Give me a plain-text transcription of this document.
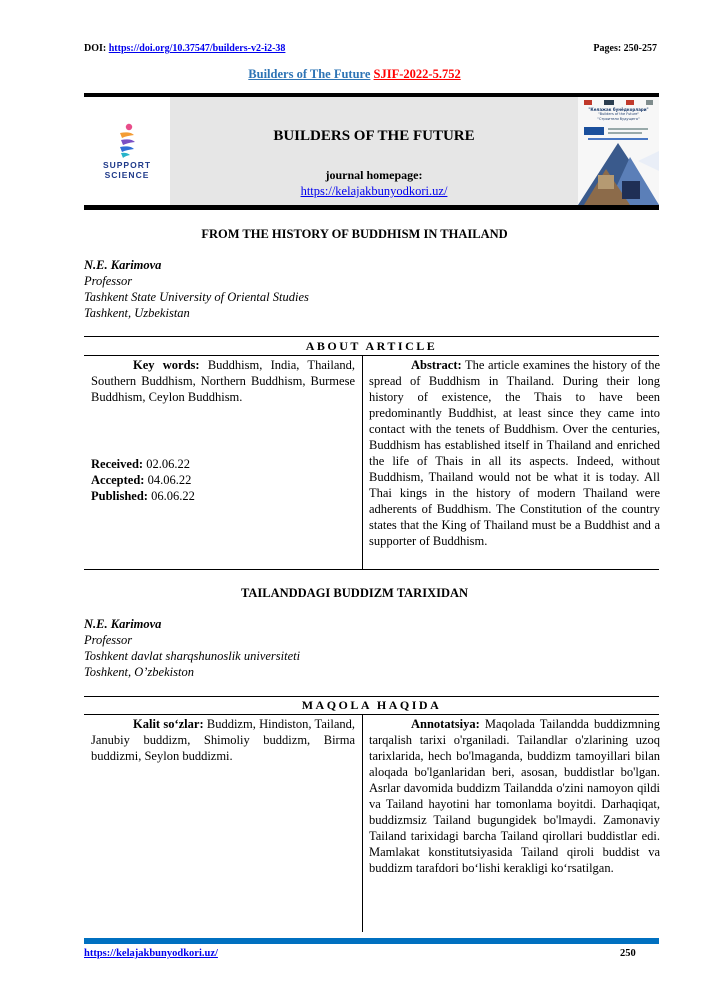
DOI: https://doi.org/10.37547/builders-v2-i2-38	Pages: 250-257
Builders of The Future SJIF-2022-5.752
SUPPORT
SCIENCE
BUILDERS OF THE FUTURE
journal homepage:
https://kelajakbunyodkori.uz/
"Келажак бунёдкорлари"
"Builders of the Future"
"Строители будущего"
FROM THE HISTORY OF BUDDHISM IN THAILAND
N.E. Karimova
Professor
Tashkent State University of Oriental Studies
Tashkent, Uzbekistan
ABOUT ARTICLE
Key words: Buddhism, India, Thailand, Southern Buddhism, Northern Buddhism, Burmese Buddhism, Ceylon Buddhism.
Received: 02.06.22
Accepted: 04.06.22
Published: 06.06.22
Abstract: The article examines the history of the spread of Buddhism in Thailand. During their long history of existence, the Thais to have been predominantly Buddhist, at least since they came into contact with the tenets of Buddhism. Over the centuries, Buddhism has established itself in Thailand and enriched the life of Thais in all its aspects. Indeed, without Buddhism, Thailand would not be what it is today. All Thai kings in the history of modern Thailand were adherents of Buddhism. The Constitution of the country states that the King of Thailand must be a Buddhist and a supporter of Buddhism.
TAILANDDAGI BUDDIZM TARIXIDAN
N.E. Karimova
Professor
Toshkent davlat sharqshunoslik universiteti
Toshkent, O’zbekiston
MAQOLA HAQIDA
Kalit so‘zlar: Buddizm, Hindiston, Tailand, Janubiy buddizm, Shimoliy buddizm, Birma buddizmi, Seylon buddizmi.
Annotatsiya: Maqolada Tailandda buddizmning tarqalish tarixi o'rganiladi. Tailandlar o'zlarining uzoq tarixlarida, hech bo'lmaganda, buddizm tamoyillari bilan aloqada bo'lganlaridan beri, asosan, buddistlar bo'lgan. Asrlar davomida buddizm Tailandda o'zini namoyon qildi va Tailand hayotini har tomonlama boyitdi. Darhaqiqat, buddizmsiz Tailand bugungidek bo'lmaydi. Zamonaviy Tailand tarixidagi barcha Tailand qirollari buddistlar edi. Mamlakat konstitutsiyasida Tailand qiroli buddist va buddizm tarafdori bo‘lishi kerakligi ko‘rsatilgan.
https://kelajakbunyodkori.uz/	250
